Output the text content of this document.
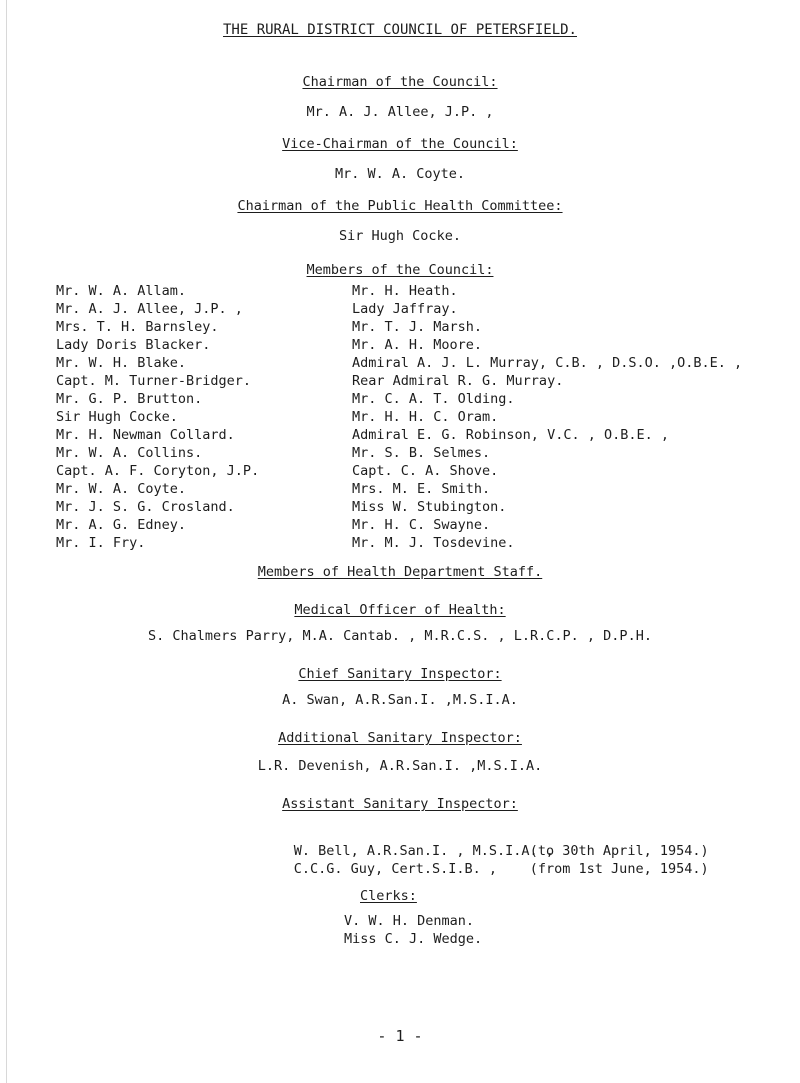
THE RURAL DISTRICT COUNCIL OF PETERSFIELD.
Chairman of the Council:
Mr. A. J. Allee, J.P. ,
Vice-Chairman of the Council:
Mr. W. A. Coyte.
Chairman of the Public Health Committee:
Sir Hugh Cocke.
Members of the Council:
Mr. W. A. Allam.
Mr. A. J. Allee, J.P. ,
Mrs. T. H. Barnsley.
Lady Doris Blacker.
Mr. W. H. Blake.
Capt. M. Turner-Bridger.
Mr. G. P. Brutton.
Sir Hugh Cocke.
Mr. H. Newman Collard.
Mr. W. A. Collins.
Capt. A. F. Coryton, J.P.
Mr. W. A. Coyte.
Mr. J. S. G. Crosland.
Mr. A. G. Edney.
Mr. I. Fry.
Mr. H. Heath.
Lady Jaffray.
Mr. T. J. Marsh.
Mr. A. H. Moore.
Admiral A. J. L. Murray, C.B. , D.S.O. ,O.B.E. ,
Rear Admiral R. G. Murray.
Mr. C. A. T. Olding.
Mr. H. H. C. Oram.
Admiral E. G. Robinson, V.C. , O.B.E. ,
Mr. S. B. Selmes.
Capt. C. A. Shove.
Mrs. M. E. Smith.
Miss W. Stubington.
Mr. H. C. Swayne.
Mr. M. J. Tosdevine.
Members of Health Department Staff.
Medical Officer of Health:
S. Chalmers Parry, M.A. Cantab. , M.R.C.S. , L.R.C.P. , D.P.H.
Chief Sanitary Inspector:
A. Swan, A.R.San.I. ,M.S.I.A.
Additional Sanitary Inspector:
L.R. Devenish, A.R.San.I. ,M.S.I.A.
Assistant Sanitary Inspector:

W. Bell, A.R.San.I. , M.S.I.A. ,(to 30th April, 1954.)

C.C.G. Guy, Cert.S.I.B. , (from 1st June, 1954.)

Clerks:
V. W. H. Denman.
Miss C. J. Wedge.
- 1 -
